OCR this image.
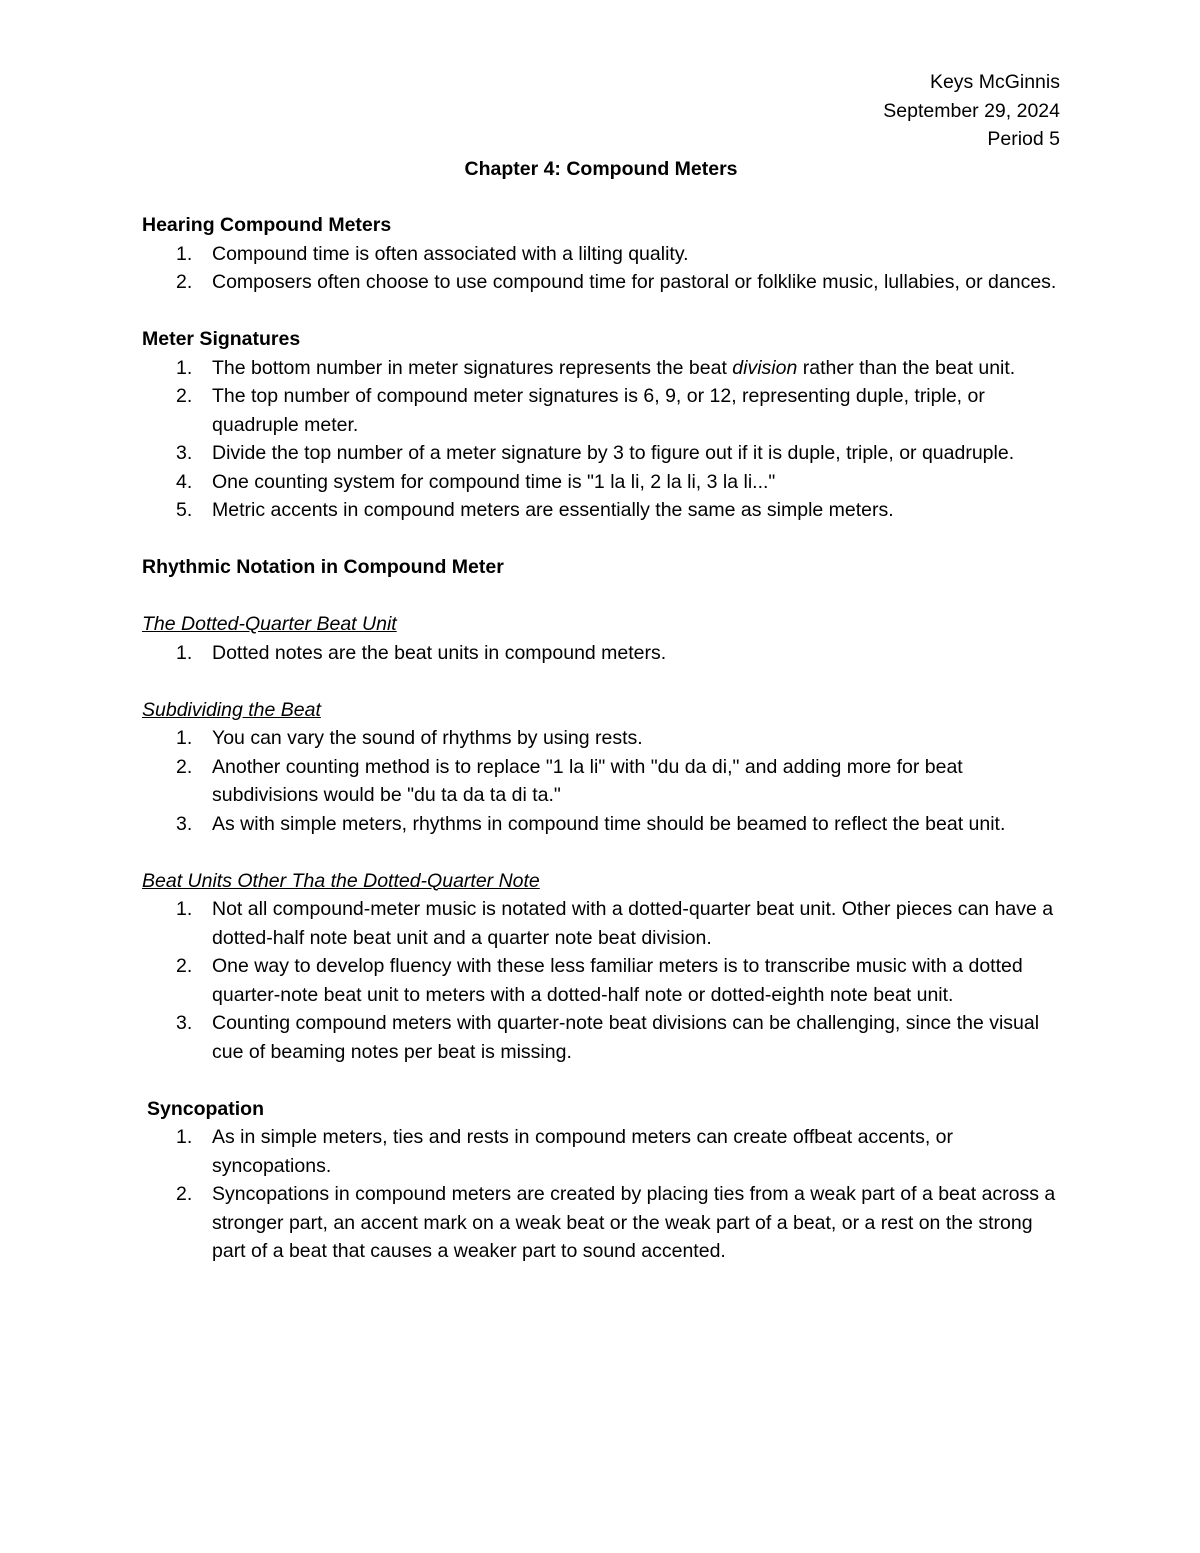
Keys McGinnis
September 29, 2024
Period 5
Chapter 4: Compound Meters
Hearing Compound Meters
1.	Compound time is often associated with a lilting quality.
2.	Composers often choose to use compound time for pastoral or folklike music, lullabies, or dances.
Meter Signatures
1.	The bottom number in meter signatures represents the beat division rather than the beat unit.
2.	The top number of compound meter signatures is 6, 9, or 12, representing duple, triple, or quadruple meter.
3.	Divide the top number of a meter signature by 3 to figure out if it is duple, triple, or quadruple.
4.	One counting system for compound time is "1 la li, 2 la li, 3 la li..."
5.	Metric accents in compound meters are essentially the same as simple meters.
Rhythmic Notation in Compound Meter
The Dotted-Quarter Beat Unit
1.	Dotted notes are the beat units in compound meters.
Subdividing the Beat
1.	You can vary the sound of rhythms by using rests.
2.	Another counting method is to replace "1 la li" with "du da di," and adding more for beat subdivisions would be "du ta da ta di ta."
3.	As with simple meters, rhythms in compound time should be beamed to reflect the beat unit.
Beat Units Other Tha the Dotted-Quarter Note
1.	Not all compound-meter music is notated with a dotted-quarter beat unit. Other pieces can have a dotted-half note beat unit and a quarter note beat division.
2.	One way to develop fluency with these less familiar meters is to transcribe music with a dotted quarter-note beat unit to meters with a dotted-half note or dotted-eighth note beat unit.
3.	Counting compound meters with quarter-note beat divisions can be challenging, since the visual cue of beaming notes per beat is missing.
Syncopation
1.	As in simple meters, ties and rests in compound meters can create offbeat accents, or syncopations.
2.	Syncopations in compound meters are created by placing ties from a weak part of a beat across a stronger part, an accent mark on a weak beat or the weak part of a beat, or a rest on the strong part of a beat that causes a weaker part to sound accented.
